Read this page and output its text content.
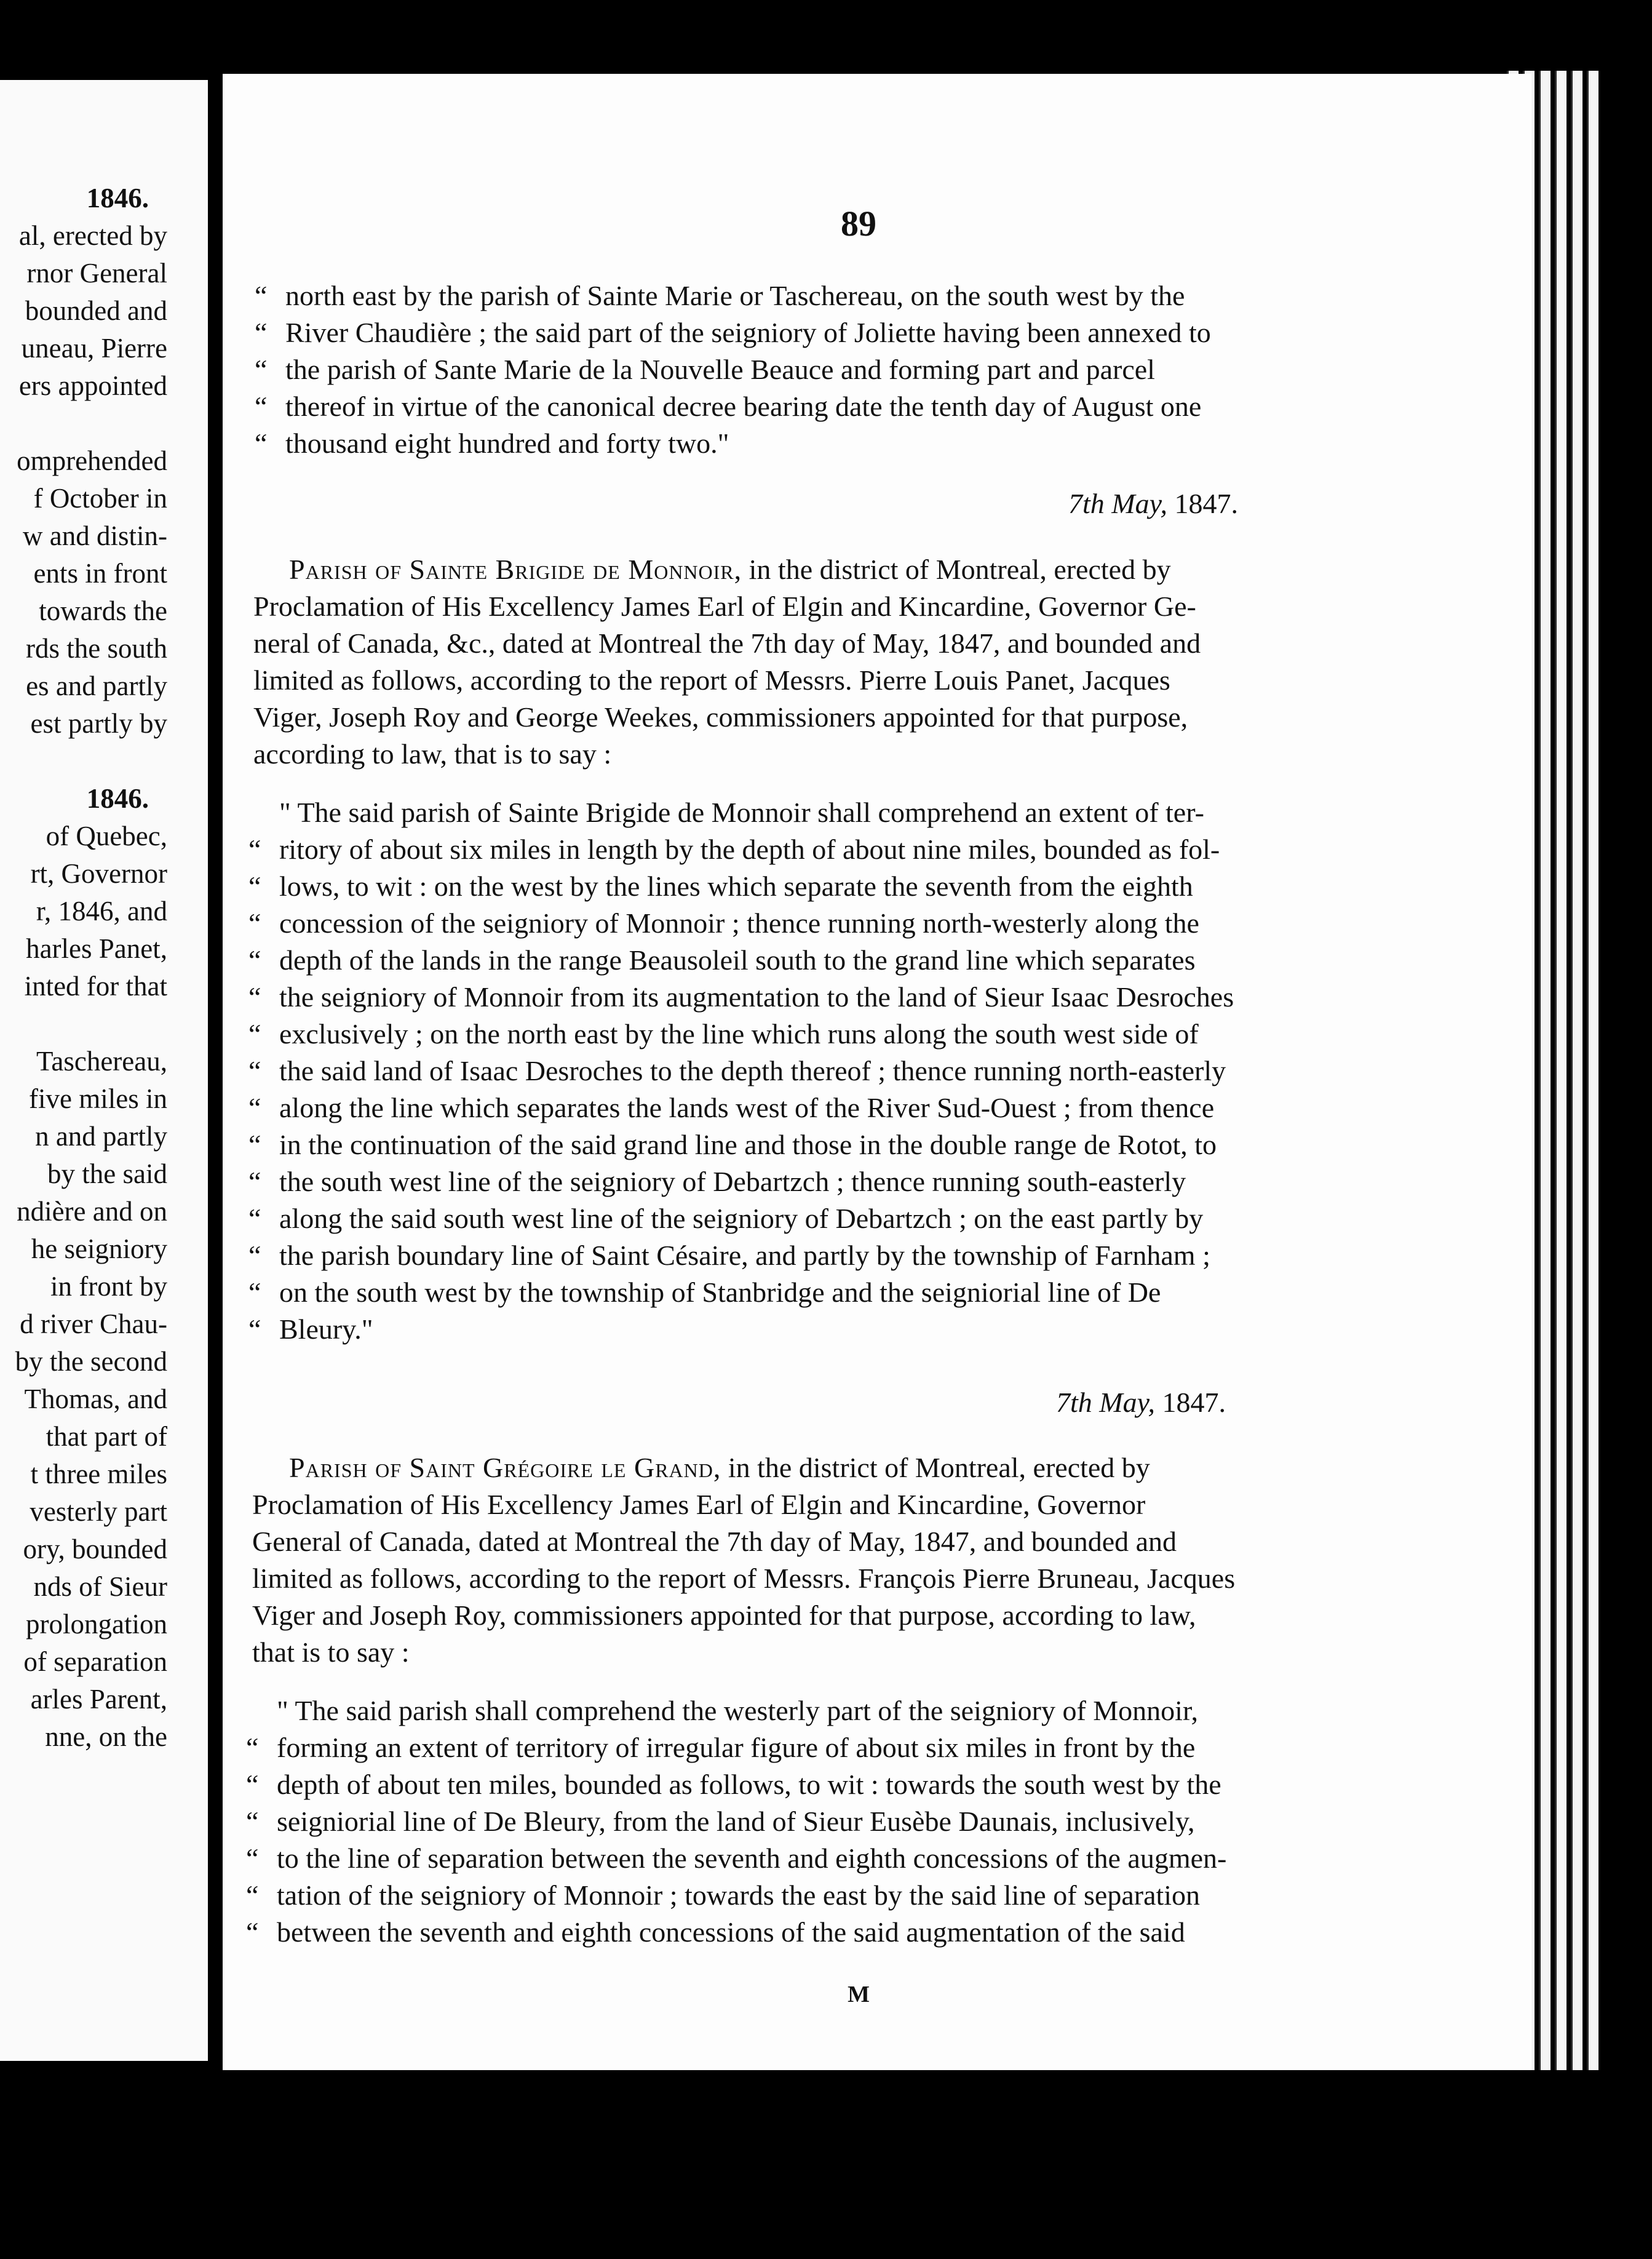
1846.
al, erected by
rnor General
bounded and
uneau, Pierre
ers appointed
omprehended
f October in
w and distin-
ents in front
towards the
rds the south
es and partly
est partly by
1846.
of Quebec,
rt, Governor
r, 1846, and
harles Panet,
inted for that
Taschereau,
five miles in
n and partly
by the said
ndière and on
he seigniory
in front by
d river Chau-
by the second
Thomas, and
that part of
t three miles
vesterly part
ory, bounded
nds of Sieur
prolongation
of separation
arles Parent,
nne, on the
89
“ north east by the parish of Sainte Marie or Taschereau, on the south west by the
“ River Chaudière ; the said part of the seigniory of Joliette having been annexed to
“ the parish of Sante Marie de la Nouvelle Beauce and forming part and parcel
“ thereof in virtue of the canonical decree bearing date the tenth day of August one
“ thousand eight hundred and forty two."
7th May, 1847.
Parish of Sainte Brigide de Monnoir, in the district of Montreal, erected by
Proclamation of His Excellency James Earl of Elgin and Kincardine, Governor Ge-
neral of Canada, &c., dated at Montreal the 7th day of May, 1847, and bounded and
limited as follows, according to the report of Messrs. Pierre Louis Panet, Jacques
Viger, Joseph Roy and George Weekes, commissioners appointed for that purpose,
according to law, that is to say :
" The said parish of Sainte Brigide de Monnoir shall comprehend an extent of ter-
“ ritory of about six miles in length by the depth of about nine miles, bounded as fol-
“ lows, to wit : on the west by the lines which separate the seventh from the eighth
“ concession of the seigniory of Monnoir ; thence running north-westerly along the
“ depth of the lands in the range Beausoleil south to the grand line which separates
“ the seigniory of Monnoir from its augmentation to the land of Sieur Isaac Desroches
“ exclusively ; on the north east by the line which runs along the south west side of
“ the said land of Isaac Desroches to the depth thereof ; thence running north-easterly
“ along the line which separates the lands west of the River Sud-Ouest ; from thence
“ in the continuation of the said grand line and those in the double range de Rotot, to
“ the south west line of the seigniory of Debartzch ; thence running south-easterly
“ along the said south west line of the seigniory of Debartzch ; on the east partly by
“ the parish boundary line of Saint Césaire, and partly by the township of Farnham ;
“ on the south west by the township of Stanbridge and the seigniorial line of De
“ Bleury."
7th May, 1847.
Parish of Saint Grégoire le Grand, in the district of Montreal, erected by
Proclamation of His Excellency James Earl of Elgin and Kincardine, Governor
General of Canada, dated at Montreal the 7th day of May, 1847, and bounded and
limited as follows, according to the report of Messrs. François Pierre Bruneau, Jacques
Viger and Joseph Roy, commissioners appointed for that purpose, according to law,
that is to say :
" The said parish shall comprehend the westerly part of the seigniory of Monnoir,
“ forming an extent of territory of irregular figure of about six miles in front by the
“ depth of about ten miles, bounded as follows, to wit : towards the south west by the
“ seigniorial line of De Bleury, from the land of Sieur Eusèbe Daunais, inclusively,
“ to the line of separation between the seventh and eighth concessions of the augmen-
“ tation of the seigniory of Monnoir ; towards the east by the said line of separation
“ between the seventh and eighth concessions of the said augmentation of the said
M
